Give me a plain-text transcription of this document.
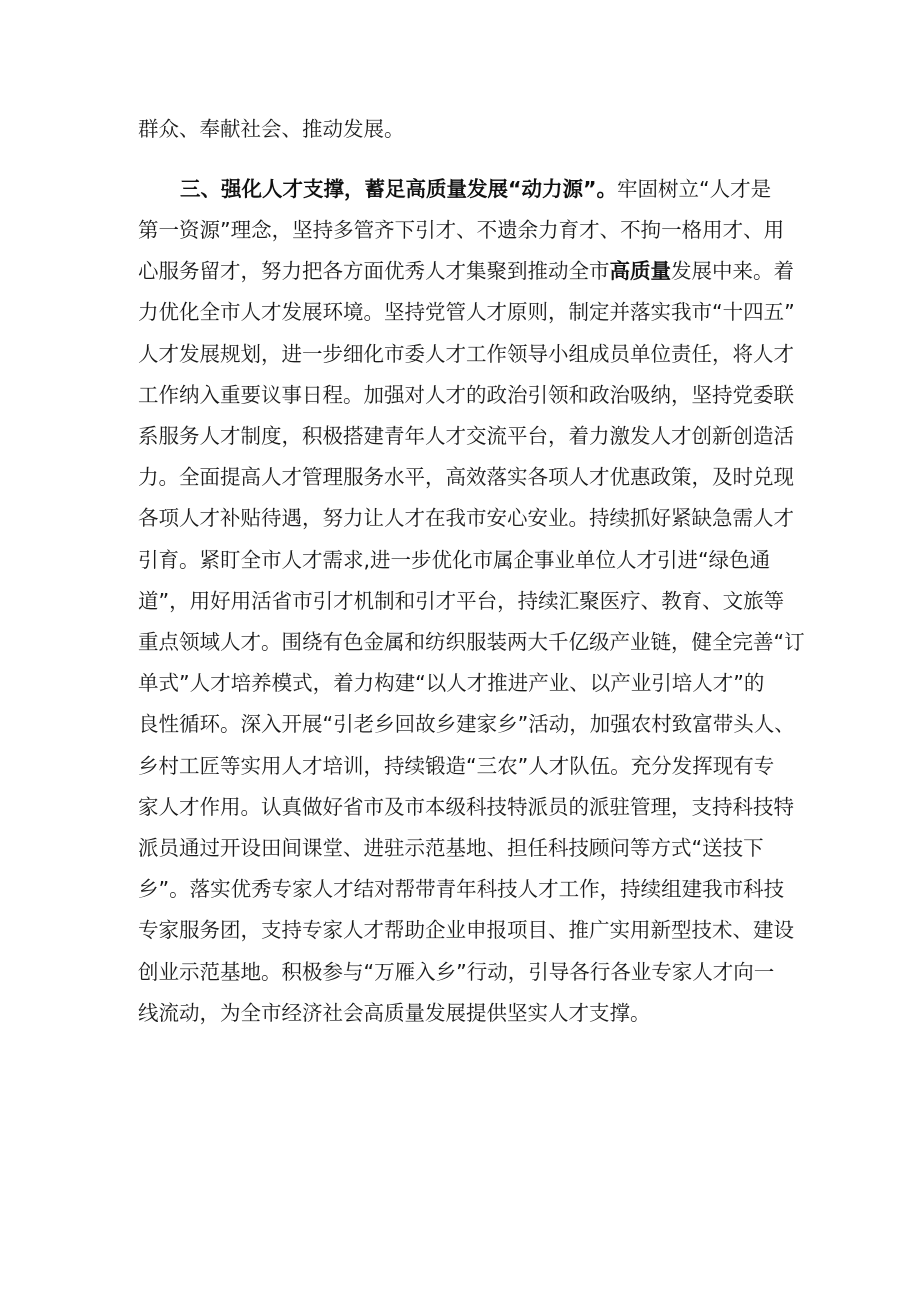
群众、奉献社会、推动发展。
三、强化人才支撑，蓄足高质量发展“动力源”。牢固树立“人才是
第一资源”理念，坚持多管齐下引才、不遗余力育才、不拘一格用才、用
心服务留才，努力把各方面优秀人才集聚到推动全市高质量发展中来。着
力优化全市人才发展环境。坚持党管人才原则，制定并落实我市“十四五”
人才发展规划，进一步细化市委人才工作领导小组成员单位责任，将人才
工作纳入重要议事日程。加强对人才的政治引领和政治吸纳，坚持党委联
系服务人才制度，积极搭建青年人才交流平台，着力激发人才创新创造活
力。全面提高人才管理服务水平，高效落实各项人才优惠政策，及时兑现
各项人才补贴待遇，努力让人才在我市安心安业。持续抓好紧缺急需人才
引育。紧盯全市人才需求,进一步优化市属企事业单位人才引进“绿色通
道”，用好用活省市引才机制和引才平台，持续汇聚医疗、教育、文旅等
重点领域人才。围绕有色金属和纺织服装两大千亿级产业链，健全完善“订
单式”人才培养模式，着力构建“以人才推进产业、以产业引培人才”的
良性循环。深入开展“引老乡回故乡建家乡”活动，加强农村致富带头人、
乡村工匠等实用人才培训，持续锻造“三农”人才队伍。充分发挥现有专
家人才作用。认真做好省市及市本级科技特派员的派驻管理，支持科技特
派员通过开设田间课堂、进驻示范基地、担任科技顾问等方式“送技下
乡”。落实优秀专家人才结对帮带青年科技人才工作，持续组建我市科技
专家服务团，支持专家人才帮助企业申报项目、推广实用新型技术、建设
创业示范基地。积极参与“万雁入乡”行动，引导各行各业专家人才向一
线流动，为全市经济社会高质量发展提供坚实人才支撑。
